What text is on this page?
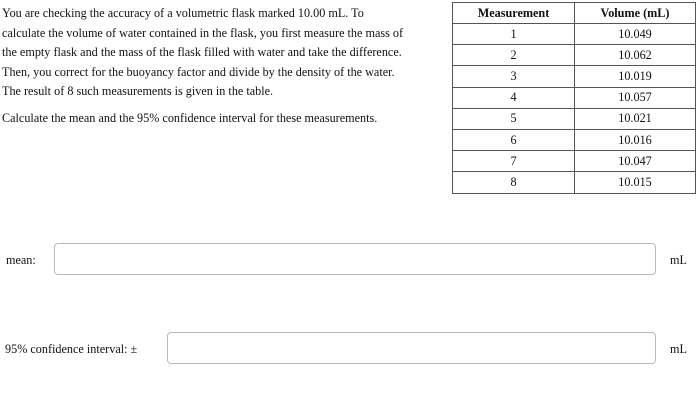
You are checking the accuracy of a volumetric flask marked 10.00 mL. To
calculate the volume of water contained in the flask, you first measure the mass of
the empty flask and the mass of the flask filled with water and take the difference.
Then, you correct for the buoyancy factor and divide by the density of the water.
The result of 8 such measurements is given in the table.

Calculate the mean and the 95% confidence interval for these measurements.

Measurement	Volume (mL)
1	10.049
2	10.062
3	10.019
4	10.057
5	10.021
6	10.016
7	10.047
8	10.015
mean:	mL
95% confidence interval: ±	mL
